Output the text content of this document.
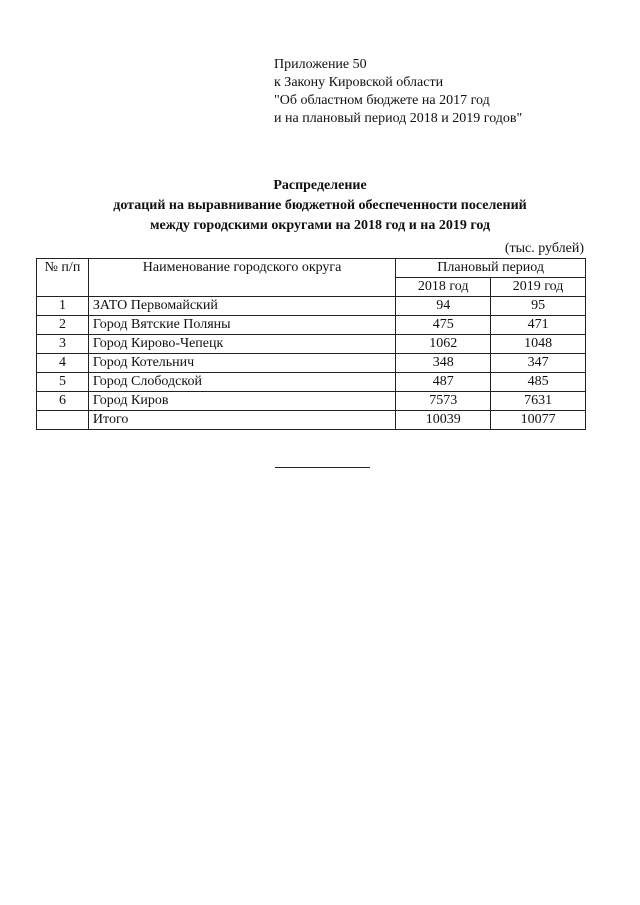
Приложение 50
к Закону Кировской области
"Об областном бюджете на 2017 год
и на плановый период 2018 и 2019 годов"
Распределение
дотаций на выравнивание бюджетной обеспеченности поселений
между городскими округами на 2018 год и на 2019 год
(тыс. рублей)
№ п/п	Наименование городского округа	Плановый период	
		2018 год	2019 год
1	ЗАТО Первомайский	94	95
2	Город Вятские Поляны	475	471
3	Город Кирово-Чепецк	1062	1048
4	Город Котельнич	348	347
5	Город Слободской	487	485
6	Город Киров	7573	7631
	Итого	10039	10077
